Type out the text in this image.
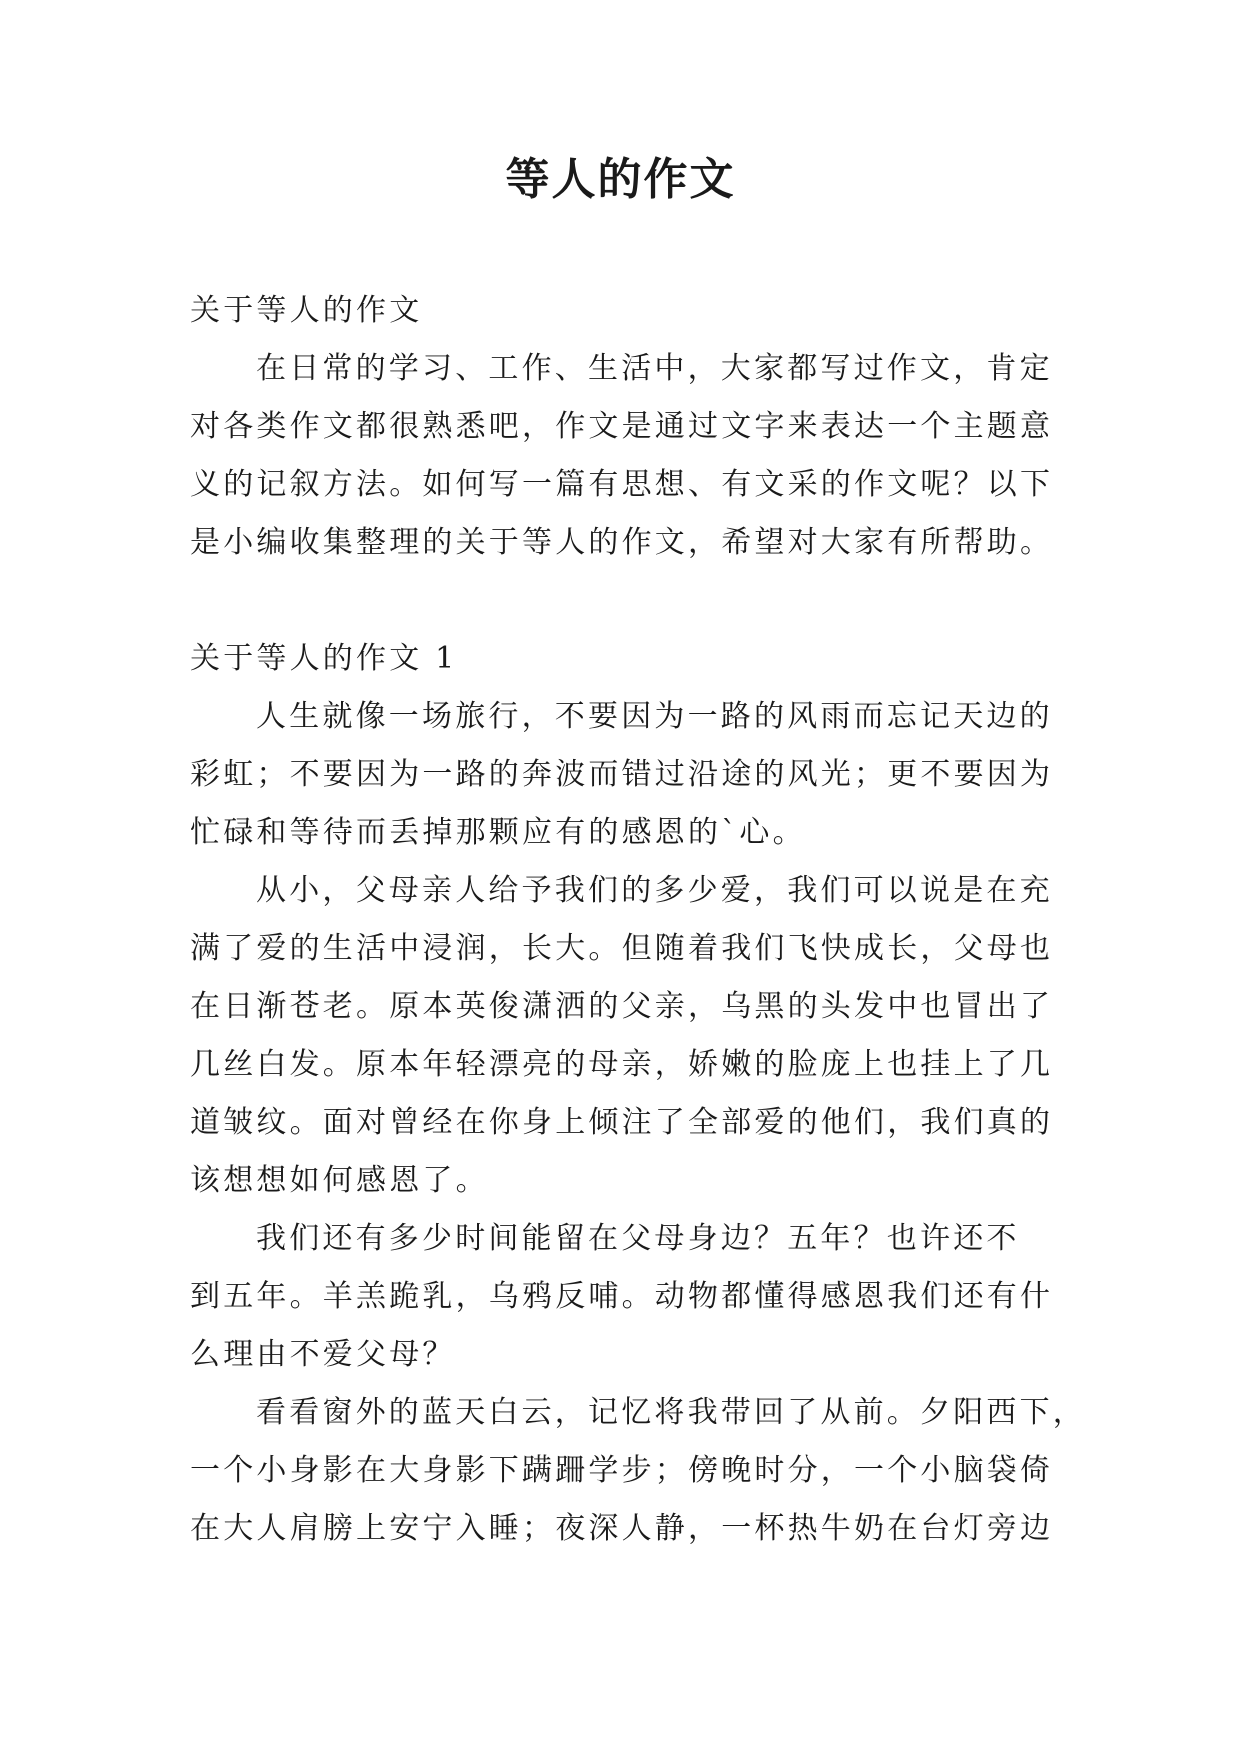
等人的作文
关于等人的作文
在日常的学习、工作、生活中，大家都写过作文，肯定
对各类作文都很熟悉吧，作文是通过文字来表达一个主题意
义的记叙方法。如何写一篇有思想、有文采的作文呢？以下
是小编收集整理的关于等人的作文，希望对大家有所帮助。
关于等人的作文 1
人生就像一场旅行，不要因为一路的风雨而忘记天边的
彩虹；不要因为一路的奔波而错过沿途的风光；更不要因为
忙碌和等待而丢掉那颗应有的感恩的`心。
从小，父母亲人给予我们的多少爱，我们可以说是在充
满了爱的生活中浸润，长大。但随着我们飞快成长，父母也
在日渐苍老。原本英俊潇洒的父亲，乌黑的头发中也冒出了
几丝白发。原本年轻漂亮的母亲，娇嫩的脸庞上也挂上了几
道皱纹。面对曾经在你身上倾注了全部爱的他们，我们真的
该想想如何感恩了。
我们还有多少时间能留在父母身边？五年？也许还不
到五年。羊羔跪乳，乌鸦反哺。动物都懂得感恩我们还有什
么理由不爱父母？
看看窗外的蓝天白云，记忆将我带回了从前。夕阳西下，
一个小身影在大身影下蹒跚学步；傍晚时分，一个小脑袋倚
在大人肩膀上安宁入睡；夜深人静，一杯热牛奶在台灯旁边
